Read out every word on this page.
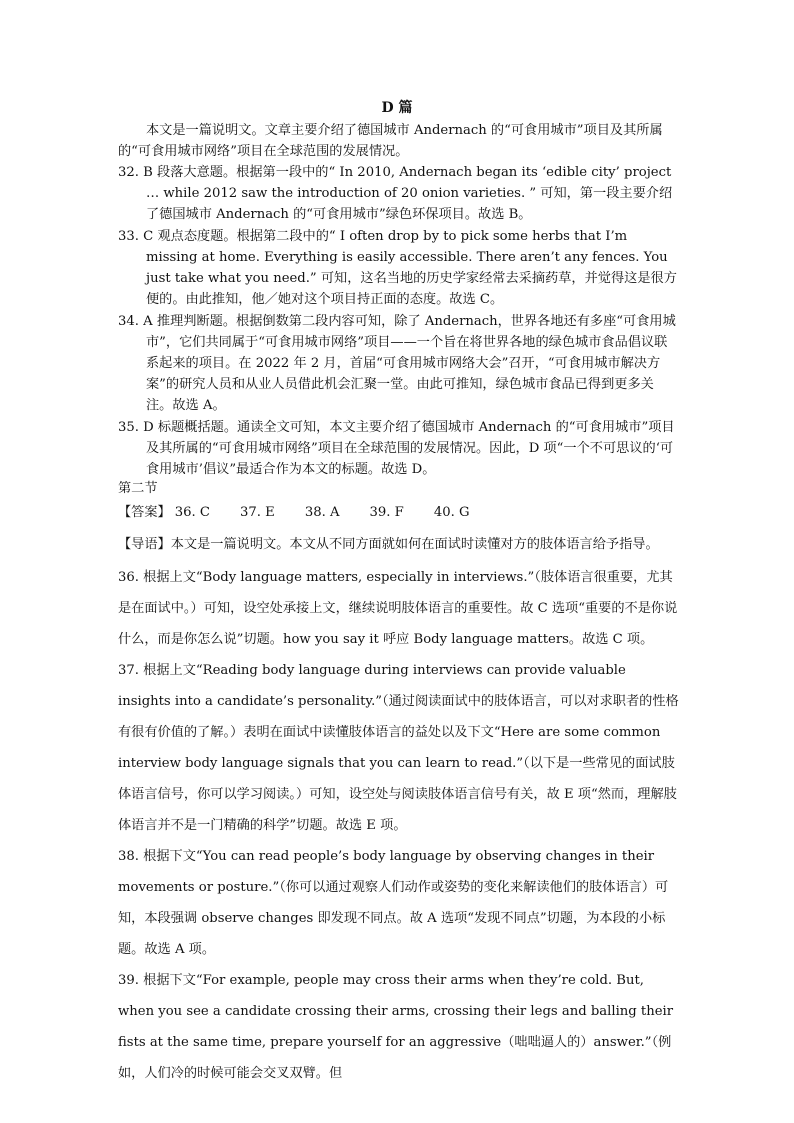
D 篇

本文是一篇说明文。文章主要介绍了德国城市 Andernach 的“可食用城市”项目及其所属的“可食用城市网络”项目在全球范围的发展情况。

32. B 段落大意题。根据第一段中的“ In 2010, Andernach began its ‘edible city’ project … while 2012 saw the introduction of 20 onion varieties. ” 可知，第一段主要介绍了德国城市 Andernach 的“可食用城市”绿色环保项目。故选 B。
33. C 观点态度题。根据第二段中的“ I often drop by to pick some herbs that I’m missing at home. Everything is easily accessible. There aren’t any fences. You just take what you need.” 可知，这名当地的历史学家经常去采摘药草，并觉得这是很方便的。由此推知，他／她对这个项目持正面的态度。故选 C。
34. A 推理判断题。根据倒数第二段内容可知，除了 Andernach，世界各地还有多座“可食用城市”，它们共同属于“可食用城市网络”项目——一个旨在将世界各地的绿色城市食品倡议联系起来的项目。在 2022 年 2 月，首届“可食用城市网络大会”召开，“可食用城市解决方案”的研究人员和从业人员借此机会汇聚一堂。由此可推知，绿色城市食品已得到更多关注。故选 A。
35. D 标题概括题。通读全文可知，本文主要介绍了德国城市 Andernach 的“可食用城市”项目及其所属的“可食用城市网络”项目在全球范围的发展情况。因此，D 项“一个不可思议的‘可食用城市’倡议”最适合作为本文的标题。故选 D。

第二节

【答案】 36. C 37. E 38. A 39. F 40. G

【导语】本文是一篇说明文。本文从不同方面就如何在面试时读懂对方的肢体语言给予指导。

36. 根据上文“Body language matters, especially in interviews.”（肢体语言很重要，尤其是在面试中。）可知，设空处承接上文，继续说明肢体语言的重要性。故 C 选项“重要的不是你说什么，而是你怎么说”切题。how you say it 呼应 Body language matters。故选 C 项。
37. 根据上文“Reading body language during interviews can provide valuable insights into a candidate’s personality.”（通过阅读面试中的肢体语言，可以对求职者的性格有很有价值的了解。）表明在面试中读懂肢体语言的益处以及下文“Here are some common interview body language signals that you can learn to read.”（以下是一些常见的面试肢体语言信号，你可以学习阅读。）可知，设空处与阅读肢体语言信号有关，故 E 项“然而，理解肢体语言并不是一门精确的科学”切题。故选 E 项。
38. 根据下文“You can read people’s body language by observing changes in their movements or posture.”（你可以通过观察人们动作或姿势的变化来解读他们的肢体语言）可知，本段强调 observe changes 即发现不同点。故 A 选项“发现不同点”切题，为本段的小标题。故选 A 项。
39. 根据下文“For example, people may cross their arms when they’re cold. But, when you see a candidate crossing their arms, crossing their legs and balling their fists at the same time, prepare yourself for an aggressive（咄咄逼人的）answer.”（例如，人们冷的时候可能会交叉双臂。但
